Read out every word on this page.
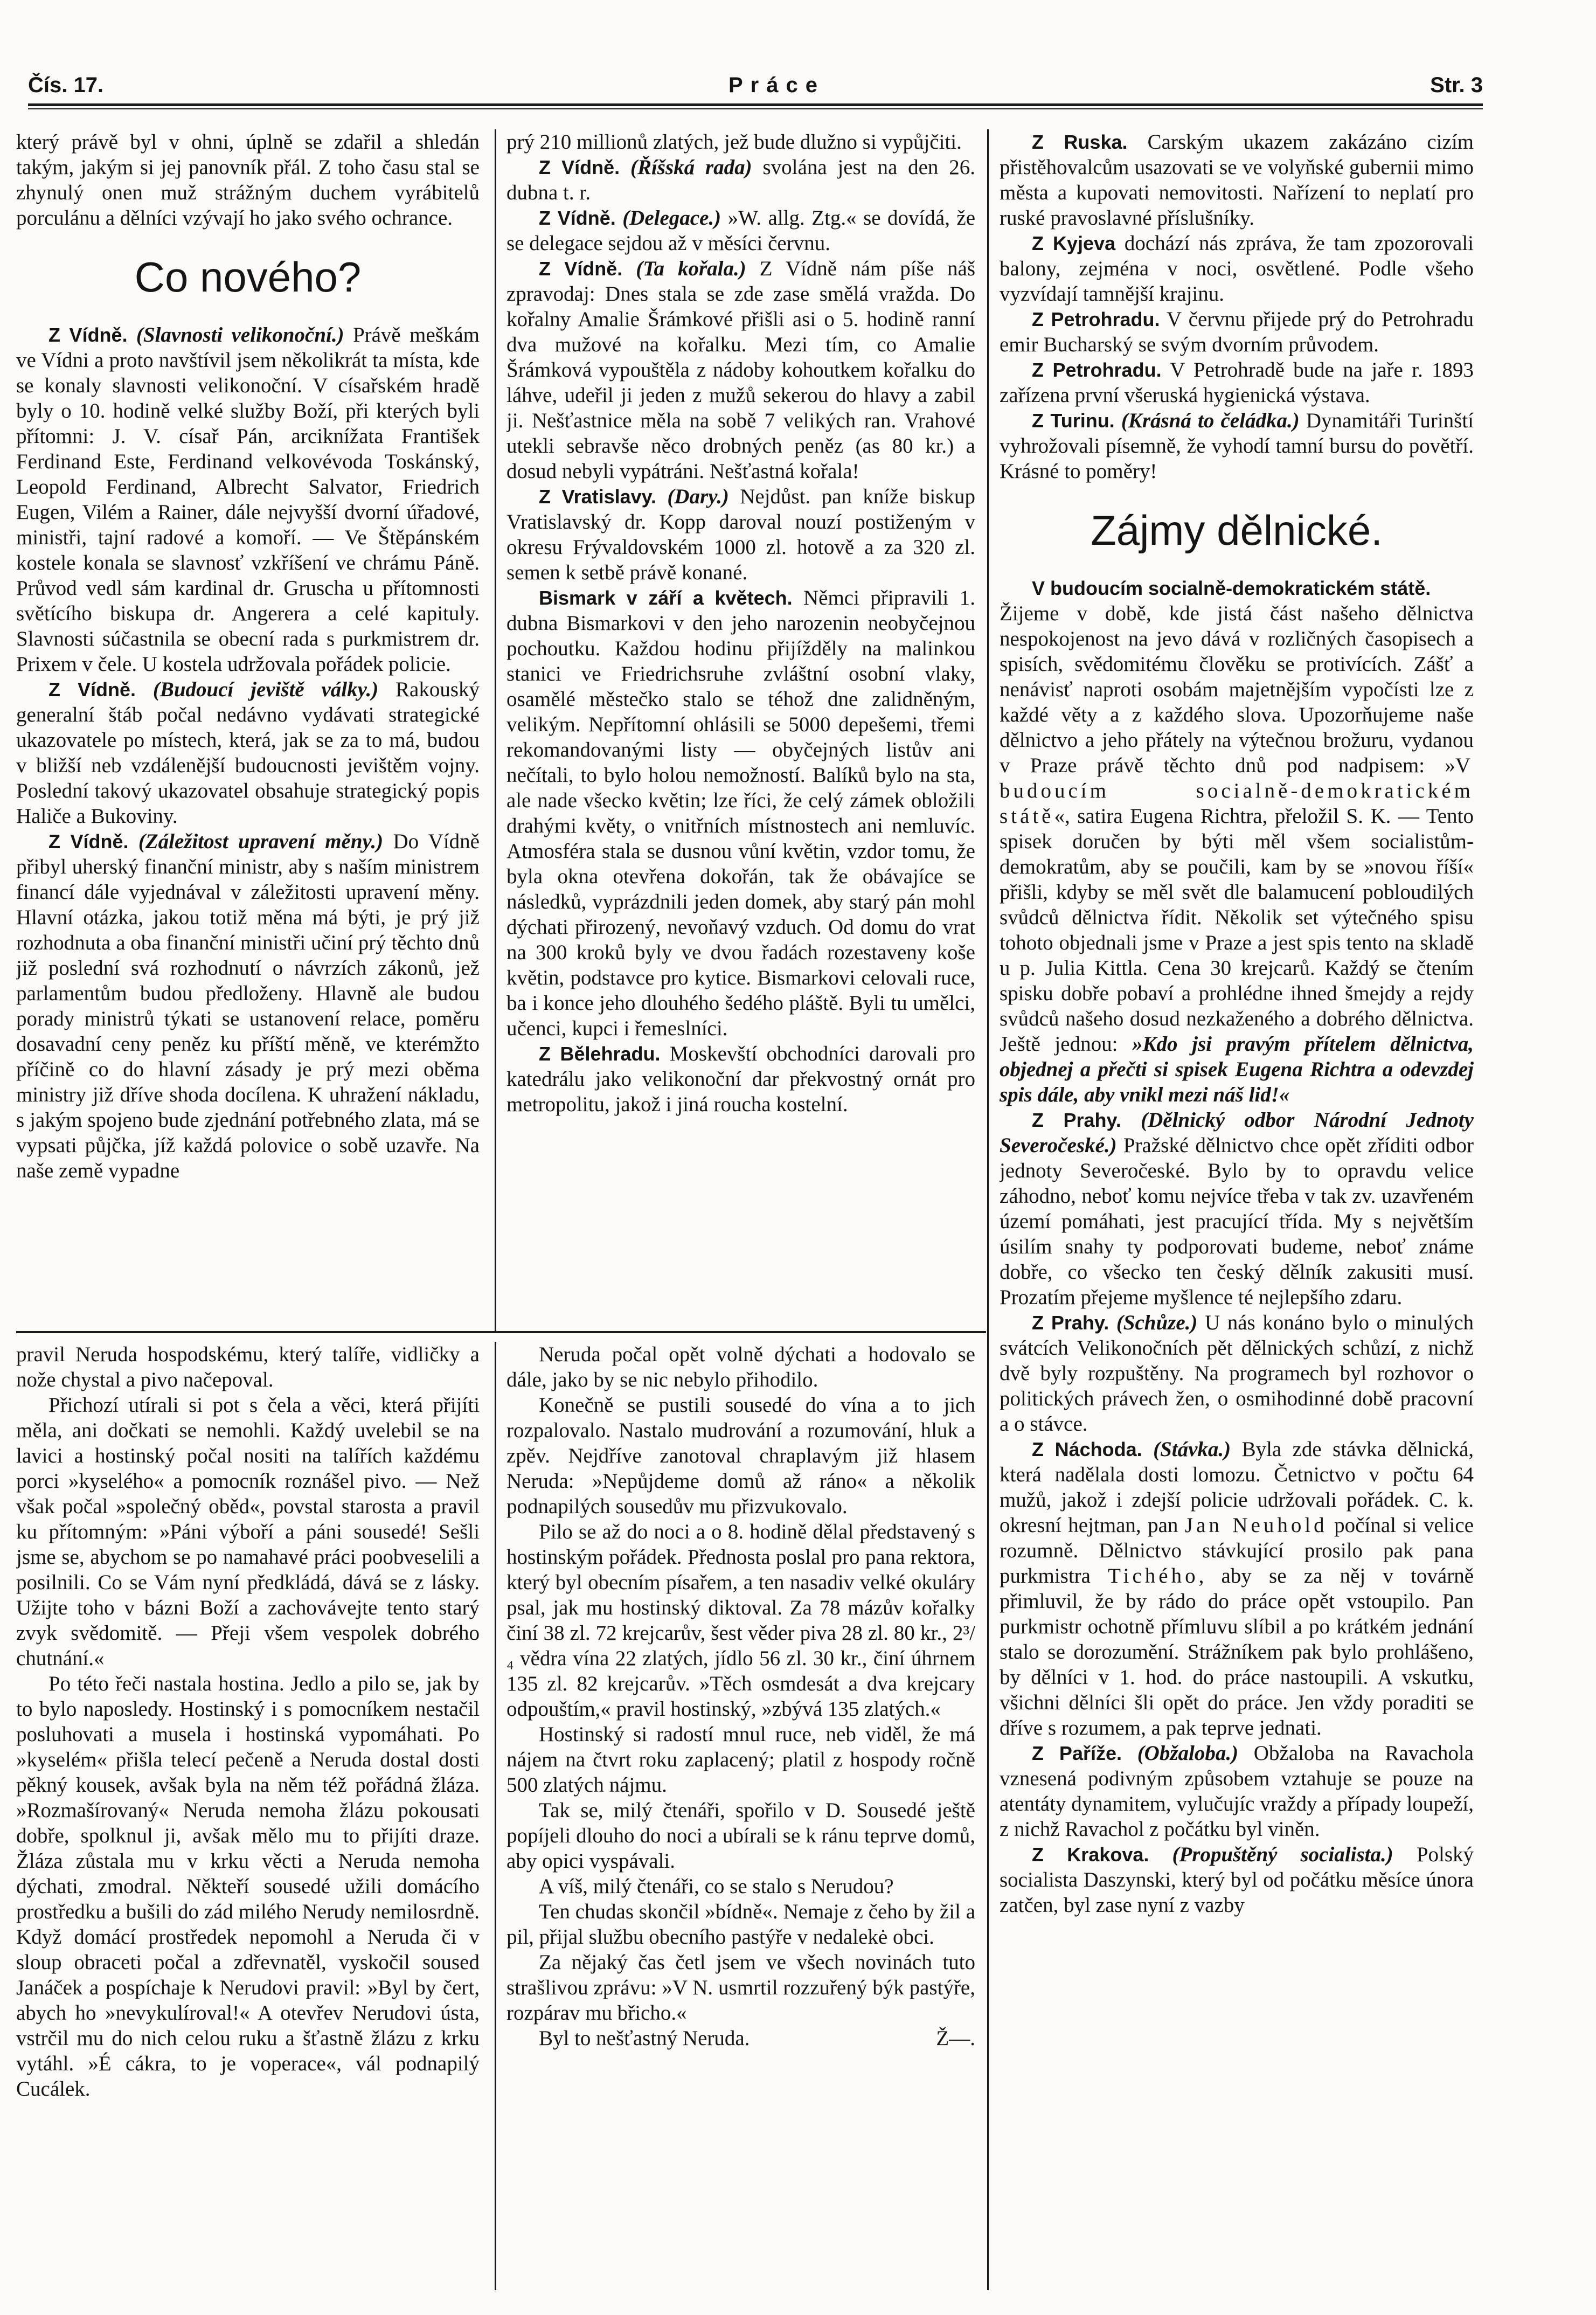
Čís. 17.	Práce	Str. 3

který právě byl v ohni, úplně se zdařil a shledán takým, jakým si jej panovník přál. Z toho času stal se zhynulý onen muž strážným duchem vyrábitelů porculánu a dělníci vzývají ho jako svého ochrance.

Co nového?

Z Vídně. (Slavnosti velikonoční.) Právě meškám ve Vídni a proto navštívil jsem několikrát ta místa, kde se konaly slavnosti velikonoční. V císařském hradě byly o 10. hodině velké služby Boží, při kterých byli přítomni: J. V. císař Pán, arciknížata František Ferdinand Este, Ferdinand velkovévoda Toskánský, Leopold Ferdinand, Albrecht Salvator, Friedrich Eugen, Vilém a Rainer, dále nejvyšší dvorní úřadové, ministři, tajní radové a komoří. — Ve Štěpánském kostele konala se slavnosť vzkříšení ve chrámu Páně. Průvod vedl sám kardinal dr. Gruscha u přítomnosti světícího biskupa dr. Angerera a celé kapituly. Slavnosti súčastnila se obecní rada s purkmistrem dr. Prixem v čele. U kostela udržovala pořádek policie.

Z Vídně. (Budoucí jeviště války.) Rakouský generalní štáb počal nedávno vydávati strategické ukazovatele po místech, která, jak se za to má, budou v bližší neb vzdálenější budoucnosti jevištěm vojny. Poslední takový ukazovatel obsahuje strategický popis Haliče a Bukoviny.

Z Vídně. (Záležitost upravení měny.) Do Vídně přibyl uherský finanční ministr, aby s naším ministrem financí dále vyjednával v záležitosti upravení měny. Hlavní otázka, jakou totiž měna má býti, je prý již rozhodnuta a oba finanční ministři učiní prý těchto dnů již poslední svá rozhodnutí o návrzích zákonů, jež parlamentům budou předloženy. Hlavně ale budou porady ministrů týkati se ustanovení relace, poměru dosavadní ceny peněz ku příští měně, ve kterémžto příčině co do hlavní zásady je prý mezi oběma ministry již dříve shoda docílena. K uhražení nákladu, s jakým spojeno bude zjednání potřebného zlata, má se vypsati půjčka, jíž každá polovice o sobě uzavře. Na naše země vypadne

prý 210 millionů zlatých, jež bude dlužno si vypůjčiti.

Z Vídně. (Říšská rada) svolána jest na den 26. dubna t. r.

Z Vídně. (Delegace.) »W. allg. Ztg.« se dovídá, že se delegace sejdou až v měsíci červnu.

Z Vídně. (Ta kořala.) Z Vídně nám píše náš zpravodaj: Dnes stala se zde zase smělá vražda. Do kořalny Amalie Šrámkové přišli asi o 5. hodině ranní dva mužové na kořalku. Mezi tím, co Amalie Šrámková vypouštěla z nádoby kohoutkem kořalku do láhve, udeřil ji jeden z mužů sekerou do hlavy a zabil ji. Nešťastnice měla na sobě 7 velikých ran. Vrahové utekli sebravše něco drobných peněz (as 80 kr.) a dosud nebyli vypátráni. Nešťastná kořala!

Z Vratislavy. (Dary.) Nejdůst. pan kníže biskup Vratislavský dr. Kopp daroval nouzí postiženým v okresu Frývaldovském 1000 zl. hotově a za 320 zl. semen k setbě právě konané.

Bismark v září a květech. Němci připravili 1. dubna Bismarkovi v den jeho narozenin neobyčejnou pochoutku. Každou hodinu přijížděly na malinkou stanici ve Friedrichsruhe zvláštní osobní vlaky, osamělé městečko stalo se téhož dne zalidněným, velikým. Nepřítomní ohlásili se 5000 depešemi, třemi rekomandovanými listy — obyčejných listův ani nečítali, to bylo holou nemožností. Balíků bylo na sta, ale nade všecko květin; lze říci, že celý zámek obložili drahými květy, o vnitřních místnostech ani nemluvíc. Atmosféra stala se dusnou vůní květin, vzdor tomu, že byla okna otevřena dokořán, tak že obávajíce se následků, vyprázdnili jeden domek, aby starý pán mohl dýchati přirozený, nevoňavý vzduch. Od domu do vrat na 300 kroků byly ve dvou řadách rozestaveny koše květin, podstavce pro kytice. Bismarkovi celovali ruce, ba i konce jeho dlouhého šedého pláště. Byli tu umělci, učenci, kupci i řemeslníci.

Z Bělehradu. Moskevští obchodníci darovali pro katedrálu jako velikonoční dar překvostný ornát pro metropolitu, jakož i jiná roucha kostelní.

Z Ruska. Carským ukazem zakázáno cizím přistěhovalcům usazovati se ve volyňské gubernii mimo města a kupovati nemovitosti. Nařízení to neplatí pro ruské pravoslavné příslušníky.

Z Kyjeva dochází nás zpráva, že tam zpozorovali balony, zejména v noci, osvětlené. Podle všeho vyzvídají tamnější krajinu.

Z Petrohradu. V červnu přijede prý do Petrohradu emir Bucharský se svým dvorním průvodem.

Z Petrohradu. V Petrohradě bude na jaře r. 1893 zařízena první všeruská hygienická výstava.

Z Turinu. (Krásná to čeládka.) Dynamitáři Turinští vyhrožovali písemně, že vyhodí tamní bursu do povětří. Krásné to poměry!

Zájmy dělnické.
V budoucím socialně-demokratickém státě.

Žijeme v době, kde jistá část našeho dělnictva nespokojenost na jevo dává v rozličných časopisech a spisích, svědomitému člověku se protivících. Zášť a nenávisť naproti osobám majetnějším vypočísti lze z každé věty a z každého slova. Upozorňujeme naše dělnictvo a jeho přátely na výtečnou brožuru, vydanou v Praze právě těchto dnů pod nadpisem: »V budoucím socialně-demokratickém státě«, satira Eugena Richtra, přeložil S. K. — Tento spisek doručen by býti měl všem socialistům-demokratům, aby se poučili, kam by se »novou říší« přišli, kdyby se měl svět dle balamucení pobloudilých svůdců dělnictva řídit. Několik set výtečného spisu tohoto objednali jsme v Praze a jest spis tento na skladě u p. Julia Kittla. Cena 30 krejcarů. Každý se čtením spisku dobře pobaví a prohlédne ihned šmejdy a rejdy svůdců našeho dosud nezkaženého a dobrého dělnictva. Ještě jednou: »Kdo jsi pravým přítelem dělnictva, objednej a přečti si spisek Eugena Richtra a odevzdej spis dále, aby vnikl mezi náš lid!«

Z Prahy. (Dělnický odbor Národní Jednoty Severočeské.) Pražské dělnictvo chce opět zříditi odbor jednoty Severočeské. Bylo by to opravdu velice záhodno, neboť komu nejvíce třeba v tak zv. uzavřeném území pomáhati, jest pracující třída. My s největším úsilím snahy ty podporovati budeme, neboť známe dobře, co všecko ten český dělník zakusiti musí. Prozatím přejeme myšlence té nejlepšího zdaru.

Z Prahy. (Schůze.) U nás konáno bylo o minulých svátcích Velikonočních pět dělnických schůzí, z nichž dvě byly rozpuštěny. Na programech byl rozhovor o politických právech žen, o osmihodinné době pracovní a o stávce.

Z Náchoda. (Stávka.) Byla zde stávka dělnická, která nadělala dosti lomozu. Četnictvo v počtu 64 mužů, jakož i zdejší policie udržovali pořádek. C. k. okresní hejtman, pan Jan Neuhold počínal si velice rozumně. Dělnictvo stávkující prosilo pak pana purkmistra Tichého, aby se za něj v továrně přimluvil, že by rádo do práce opět vstoupilo. Pan purkmistr ochotně přímluvu slíbil a po krátkém jednání stalo se dorozumění. Strážníkem pak bylo prohlášeno, by dělníci v 1. hod. do práce nastoupili. A vskutku, všichni dělníci šli opět do práce. Jen vždy poraditi se dříve s rozumem, a pak teprve jednati.

Z Paříže. (Obžaloba.) Obžaloba na Ravachola vznesená podivným způsobem vztahuje se pouze na atentáty dynamitem, vylučujíc vraždy a případy loupeží, z nichž Ravachol z počátku byl viněn.

Z Krakova. (Propuštěný socialista.) Polský socialista Daszynski, který byl od počátku měsíce února zatčen, byl zase nyní z vazby

pravil Neruda hospodskému, který talíře, vidličky a nože chystal a pivo načepoval.

Přichozí utírali si pot s čela a věci, která přijíti měla, ani dočkati se nemohli. Každý uvelebil se na lavici a hostinský počal nositi na talířích každému porci »kyselého« a pomocník roznášel pivo. — Než však počal »společný oběd«, povstal starosta a pravil ku přítomným: »Páni výboří a páni sousedé! Sešli jsme se, abychom se po namahavé práci poobveselili a posilnili. Co se Vám nyní předkládá, dává se z lásky. Užijte toho v bázni Boží a zachovávejte tento starý zvyk svědomitě. — Přeji všem vespolek dobrého chutnání.«

Po této řeči nastala hostina. Jedlo a pilo se, jak by to bylo naposledy. Hostinský i s pomocníkem nestačil posluhovati a musela i hostinská vypomáhati. Po »kyselém« přišla telecí pečeně a Neruda dostal dosti pěkný kousek, avšak byla na něm též pořádná žláza. »Rozmašírovaný« Neruda nemoha žlázu pokousati dobře, spolknul ji, avšak mělo mu to přijíti draze. Žláza zůstala mu v krku věcti a Neruda nemoha dýchati, zmodral. Někteří sousedé užili domácího prostředku a bušili do zád milého Nerudy nemilosrdně. Když domácí prostředek nepomohl a Neruda či v sloup obraceti počal a zdřevnatěl, vyskočil soused Janáček a pospíchaje k Nerudovi pravil: »Byl by čert, abych ho »nevykulíroval!« A otevřev Nerudovi ústa, vstrčil mu do nich celou ruku a šťastně žlázu z krku vytáhl. »É cákra, to je voperace«, vál podnapilý Cucálek.

Neruda počal opět volně dýchati a hodovalo se dále, jako by se nic nebylo přihodilo.

Konečně se pustili sousedé do vína a to jich rozpalovalo. Nastalo mudrování a rozumování, hluk a zpěv. Nejdříve zanotoval chraplavým již hlasem Neruda: »Nepůjdeme domů až ráno« a několik podnapilých sousedův mu přizvukovalo.

Pilo se až do noci a o 8. hodině dělal představený s hostinským pořádek. Přednosta poslal pro pana rektora, který byl obecním písařem, a ten nasadiv velké okuláry psal, jak mu hostinský diktoval. Za 78 mázův kořalky činí 38 zl. 72 krejcarův, šest věder piva 28 zl. 80 kr., 2³/₄ vědra vína 22 zlatých, jídlo 56 zl. 30 kr., činí úhrnem 135 zl. 82 krejcarův. »Těch osmdesát a dva krejcary odpouštím,« pravil hostinský, »zbývá 135 zlatých.«

Hostinský si radostí mnul ruce, neb viděl, že má nájem na čtvrt roku zaplacený; platil z hospody ročně 500 zlatých nájmu.

Tak se, milý čtenáři, spořilo v D. Sousedé ještě popíjeli dlouho do noci a ubírali se k ránu teprve domů, aby opici vyspávali.

A víš, milý čtenáři, co se stalo s Nerudou?

Ten chudas skončil »bídně«. Nemaje z čeho by žil a pil, přijal službu obecního pastýře v nedalekė obci.

Za nějaký čas četl jsem ve všech novinách tuto strašlivou zprávu: »V N. usmrtil rozzuřený býk pastýře, rozpárav mu břicho.«

Byl to nešťastný Neruda.	Ž—.
